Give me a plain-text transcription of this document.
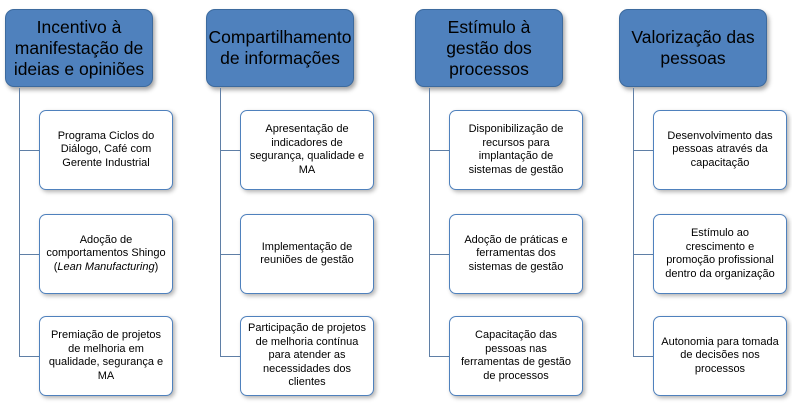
Incentivo à manifestação de ideias e opiniões
Programa Ciclos do Diálogo, Café com Gerente Industrial
Adoção de comportamentos Shingo (Lean Manufacturing)
Premiação de projetos de melhoria em qualidade, segurança e MA
Compartilhamento de informações
Apresentação de indicadores de segurança, qualidade e MA
Implementação de reuniões de gestão
Participação de projetos de melhoria contínua para atender as necessidades dos clientes
Estímulo à gestão dos processos
Disponibilização de recursos para implantação de sistemas de gestão
Adoção de práticas e ferramentas dos sistemas de gestão
Capacitação das pessoas nas ferramentas de gestão de processos
Valorização das pessoas
Desenvolvimento das pessoas através da capacitação
Estímulo ao crescimento e promoção profissional dentro da organização
Autonomia para tomada de decisões nos processos
